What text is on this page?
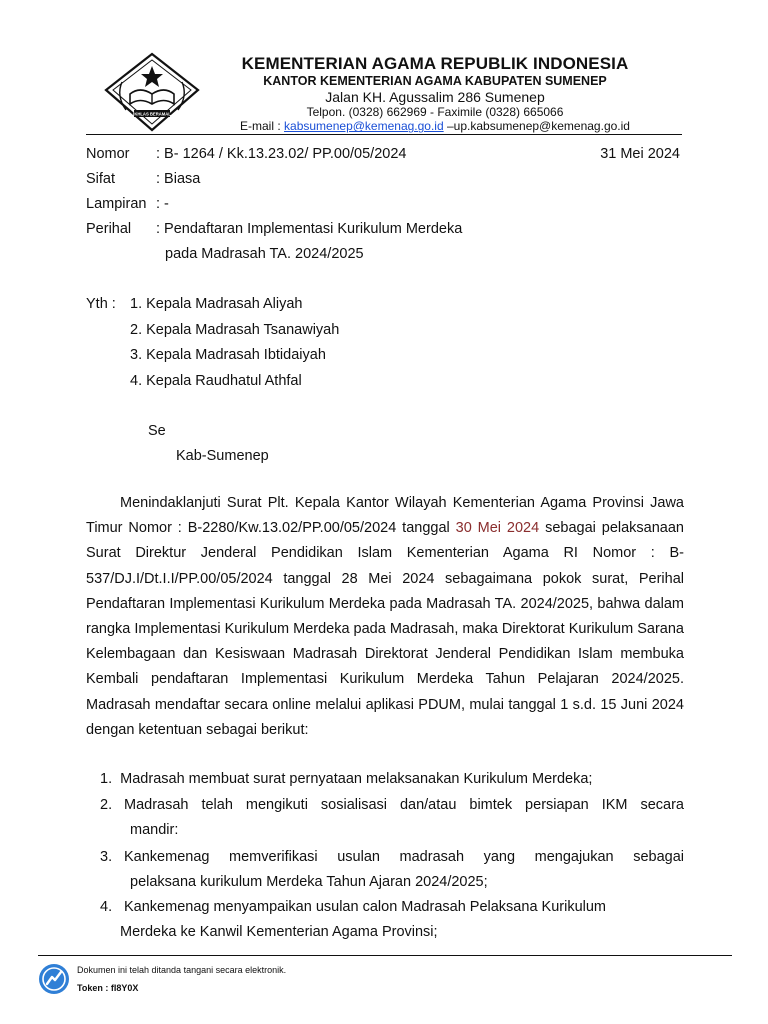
IKHLAS BERAMAL
KEMENTERIAN AGAMA REPUBLIK INDONESIA
KANTOR KEMENTERIAN AGAMA KABUPATEN SUMENEP
Jalan KH. Agussalim 286 Sumenep
Telpon. (0328) 662969 - Faximile (0328) 665066
E-mail : kabsumenep@kemenag.go.id –up.kabsumenep@kemenag.go.id
Nomor : B- 1264 / Kk.13.23.02/ PP.00/05/2024	31 Mei 2024
Sifat	: Biasa
Lampiran : -
Perihal : Pendaftaran Implementasi Kurikulum Merdeka
pada Madrasah TA. 2024/2025
Yth : 1. Kepala Madrasah Aliyah
2. Kepala Madrasah Tsanawiyah
3. Kepala Madrasah Ibtidaiyah
4. Kepala Raudhatul Athfal
Se
Kab-Sumenep
Menindaklanjuti Surat Plt. Kepala Kantor Wilayah Kementerian Agama Provinsi Jawa Timur Nomor : B-2280/Kw.13.02/PP.00/05/2024 tanggal 30 Mei 2024 sebagai pelaksanaan Surat Direktur Jenderal Pendidikan Islam Kementerian Agama RI Nomor : B-537/DJ.I/Dt.I.I/PP.00/05/2024 tanggal 28 Mei 2024 sebagaimana pokok surat, Perihal Pendaftaran Implementasi Kurikulum Merdeka pada Madrasah TA. 2024/2025, bahwa dalam rangka Implementasi Kurikulum Merdeka pada Madrasah, maka Direktorat Kurikulum Sarana Kelembagaan dan Kesiswaan Madrasah Direktorat Jenderal Pendidikan Islam membuka Kembali pendaftaran Implementasi Kurikulum Merdeka Tahun Pelajaran 2024/2025. Madrasah mendaftar secara online melalui aplikasi PDUM, mulai tanggal 1 s.d. 15 Juni 2024 dengan ketentuan sebagai berikut:
1. Madrasah membuat surat pernyataan melaksanakan Kurikulum Merdeka;
2. Madrasah telah mengikuti sosialisasi dan/atau bimtek persiapan IKM secara
mandir:
3. Kankemenag memverifikasi usulan madrasah yang mengajukan sebagai
pelaksana kurikulum Merdeka Tahun Ajaran 2024/2025;
4. Kankemenag menyampaikan usulan calon Madrasah Pelaksana Kurikulum
Merdeka ke Kanwil Kementerian Agama Provinsi;
Dokumen ini telah ditanda tangani secara elektronik.
Token : fI8Y0X
